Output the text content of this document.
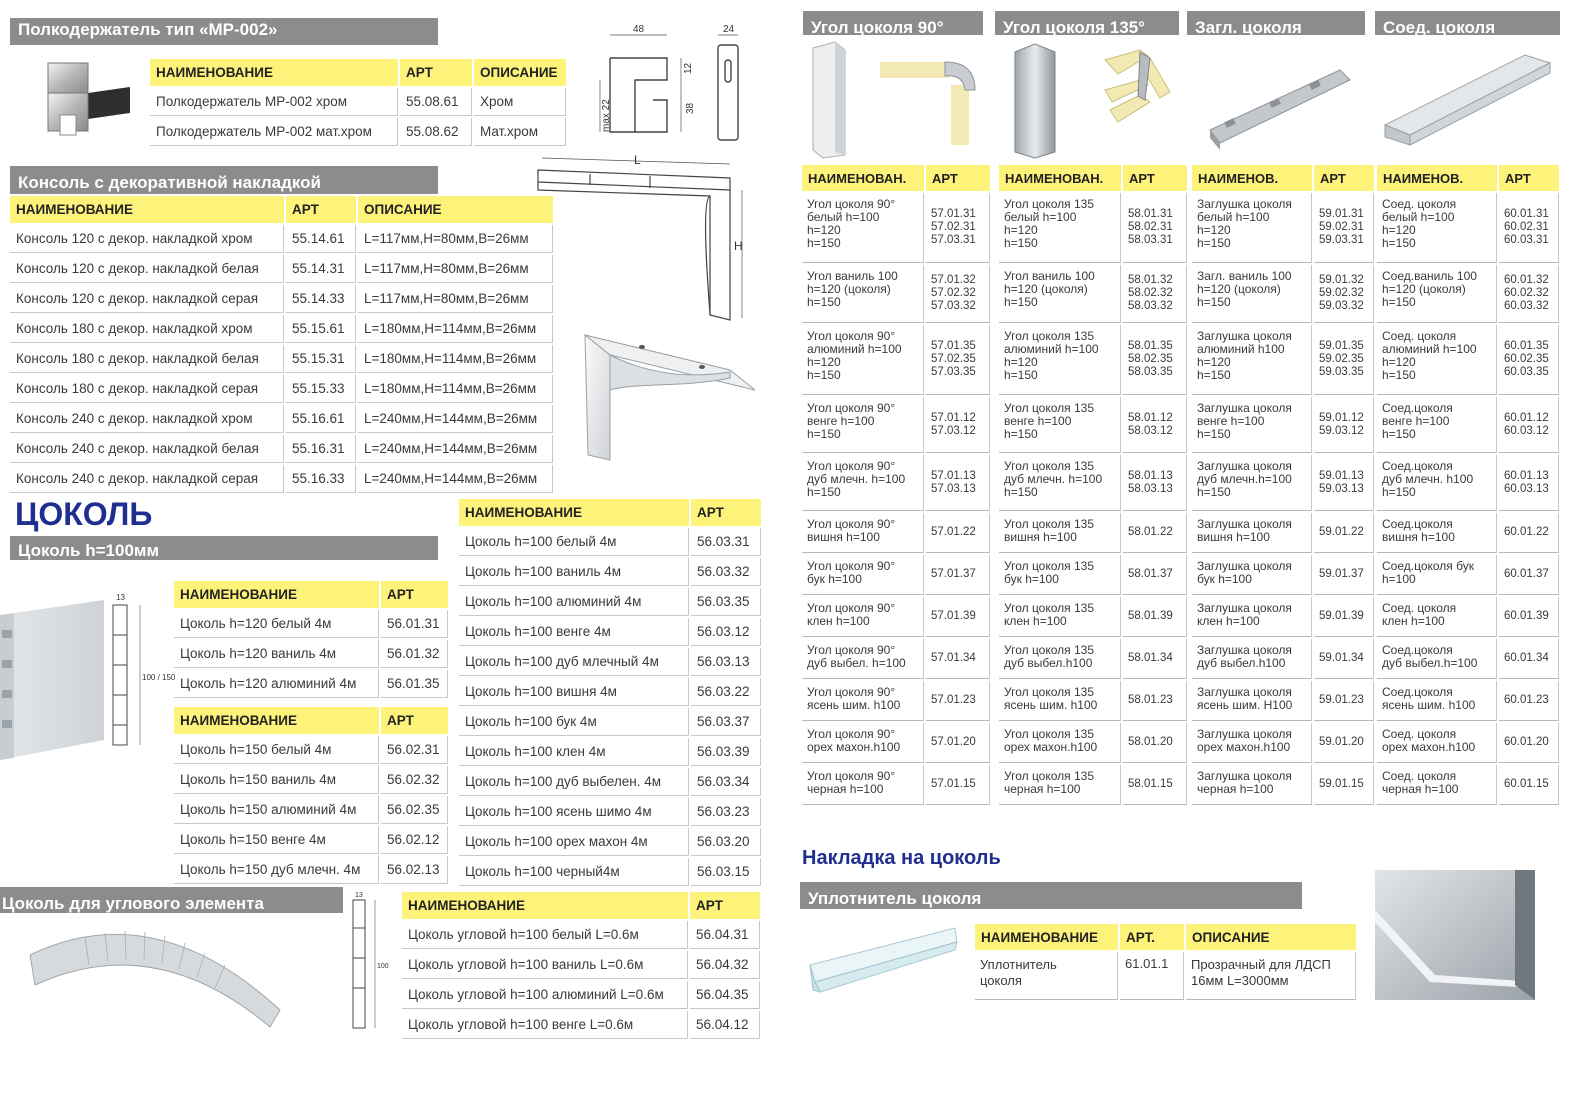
Полкодержатель тип «МР-002»
НАИМЕНОВАНИЕ	АРТ	ОПИСАНИЕ
Полкодержатель МР-002 хром	55.08.61	Хром
Полкодержатель МР-002 мат.хром	55.08.62	Мат.хром
48	24
12
38
max 22
Консоль с декоративной накладкой
НАИМЕНОВАНИЕ	АРТ	ОПИСАНИЕ
Консоль 120 с декор. накладкой хром	55.14.61	L=117мм,H=80мм,B=26мм
Консоль 120 с декор. накладкой белая	55.14.31	L=117мм,H=80мм,B=26мм
Консоль 120 с декор. накладкой серая	55.14.33	L=117мм,H=80мм,B=26мм
Консоль 180 с декор. накладкой хром	55.15.61	L=180мм,H=114мм,B=26мм
Консоль 180 с декор. накладкой белая	55.15.31	L=180мм,H=114мм,B=26мм
Консоль 180 с декор. накладкой серая	55.15.33	L=180мм,H=114мм,B=26мм
Консоль 240 с декор. накладкой хром	55.16.61	L=240мм,H=144мм,B=26мм
Консоль 240 с декор. накладкой белая	55.16.31	L=240мм,H=144мм,B=26мм
Консоль 240 с декор. накладкой серая	55.16.33	L=240мм,H=144мм,B=26мм
L
H
ЦОКОЛЬ
Цоколь h=100мм
13
100 / 150
НАИМЕНОВАНИЕ	АРТ
Цоколь h=120 белый 4м	56.01.31
Цоколь h=120 ваниль 4м	56.01.32
Цоколь h=120 алюминий 4м	56.01.35
НАИМЕНОВАНИЕ	АРТ
Цоколь h=150 белый 4м	56.02.31
Цоколь h=150 ваниль 4м	56.02.32
Цоколь h=150 алюминий 4м	56.02.35
Цоколь h=150 венге 4м	56.02.12
Цоколь h=150 дуб млечн. 4м	56.02.13
НАИМЕНОВАНИЕ	АРТ
Цоколь h=100 белый 4м	56.03.31
Цоколь h=100 ваниль 4м	56.03.32
Цоколь h=100 алюминий 4м	56.03.35
Цоколь h=100 венге 4м	56.03.12
Цоколь h=100 дуб млечный 4м	56.03.13
Цоколь h=100 вишня 4м	56.03.22
Цоколь h=100 бук 4м	56.03.37
Цоколь h=100 клен 4м	56.03.39
Цоколь h=100 дуб выбелен. 4м	56.03.34
Цоколь h=100 ясень шимо 4м	56.03.23
Цоколь h=100 орех махон 4м	56.03.20
Цоколь h=100 черный4м	56.03.15
Цоколь для углового элемента	13
100
НАИМЕНОВАНИЕ	АРТ
Цоколь угловой h=100 белый L=0.6м	56.04.31
Цоколь угловой h=100 ваниль L=0.6м	56.04.32
Цоколь угловой h=100 алюминий L=0.6м	56.04.35
Цоколь угловой h=100 венге L=0.6м	56.04.12
Угол цоколя 90°	Угол цоколя 135°	Загл. цоколя	Соед. цоколя
НАИМЕНОВАН.	АРТ
Угол цоколя 90°
белый h=100
h=120
h=150	57.01.31
57.02.31
57.03.31
Угол ваниль 100
h=120 (цоколя)
h=150	57.01.32
57.02.32
57.03.32
Угол цоколя 90°
алюминий h=100
h=120
h=150	57.01.35
57.02.35
57.03.35
Угол цоколя 90°
венге h=100
h=150	57.01.12
57.03.12
Угол цоколя 90°
дуб млечн. h=100
h=150	57.01.13
57.03.13
Угол цоколя 90°
вишня h=100	57.01.22
Угол цоколя 90°
бук h=100	57.01.37
Угол цоколя 90°
клен h=100	57.01.39
Угол цоколя 90°
дуб выбел. h=100	57.01.34
Угол цоколя 90°
ясень шим. h100	57.01.23
Угол цоколя 90°
орех махон.h100	57.01.20
Угол цоколя 90°
черная h=100	57.01.15
НАИМЕНОВАН.	АРТ
Угол цоколя 135
белый h=100
h=120
h=150	58.01.31
58.02.31
58.03.31
Угол ваниль 100
h=120 (цоколя)
h=150	58.01.32
58.02.32
58.03.32
Угол цоколя 135
алюминий h=100
h=120
h=150	58.01.35
58.02.35
58.03.35
Угол цоколя 135
венге h=100
h=150	58.01.12
58.03.12
Угол цоколя 135
дуб млечн. h=100
h=150	58.01.13
58.03.13
Угол цоколя 135
вишня h=100	58.01.22
Угол цоколя 135
бук h=100	58.01.37
Угол цоколя 135
клен h=100	58.01.39
Угол цоколя 135
дуб выбел.h100	58.01.34
Угол цоколя 135
ясень шим. h100	58.01.23
Угол цоколя 135
орех махон.h100	58.01.20
Угол цоколя 135
черная h=100	58.01.15
НАИМЕНОВ.	АРТ
Заглушка цоколя
белый h=100
h=120
h=150	59.01.31
59.02.31
59.03.31
Загл. ваниль 100
h=120 (цоколя)
h=150	59.01.32
59.02.32
59.03.32
Заглушка цоколя
алюминий h100
h=120
h=150	59.01.35
59.02.35
59.03.35
Заглушка цоколя
венге h=100
h=150	59.01.12
59.03.12
Заглушка цоколя
дуб млечн.h=100
h=150	59.01.13
59.03.13
Заглушка цоколя
вишня h=100	59.01.22
Заглушка цоколя
бук h=100	59.01.37
Заглушка цоколя
клен h=100	59.01.39
Заглушка цоколя
дуб выбел.h100	59.01.34
Заглушка цоколя
ясень шим. Н100	59.01.23
Заглушка цоколя
орех махон.h100	59.01.20
Заглушка цоколя
черная h=100	59.01.15
НАИМЕНОВ.	АРТ
Соед. цоколя
белый h=100
h=120
h=150	60.01.31
60.02.31
60.03.31
Соед.ваниль 100
h=120 (цоколя)
h=150	60.01.32
60.02.32
60.03.32
Соед. цоколя
алюминий h=100
h=120
h=150	60.01.35
60.02.35
60.03.35
Соед.цоколя
венге h=100
h=150	60.01.12
60.03.12
Соед.цоколя
дуб млечн. h100
h=150	60.01.13
60.03.13
Соед.цоколя
вишня h=100	60.01.22
Соед.цоколя бук
h=100	60.01.37
Соед. цоколя
клен h=100	60.01.39
Соед.цоколя
дуб выбел.h=100	60.01.34
Соед.цоколя
ясень шим. h100	60.01.23
Соед. цоколя
орех махон.h100	60.01.20
Соед. цоколя
черная h=100	60.01.15
Накладка на цоколь
Уплотнитель цоколя
НАИМЕНОВАНИЕ	АРТ.	ОПИСАНИЕ
Уплотнитель
цоколя	61.01.1	Прозрачный для ЛДСП
16мм L=3000мм
